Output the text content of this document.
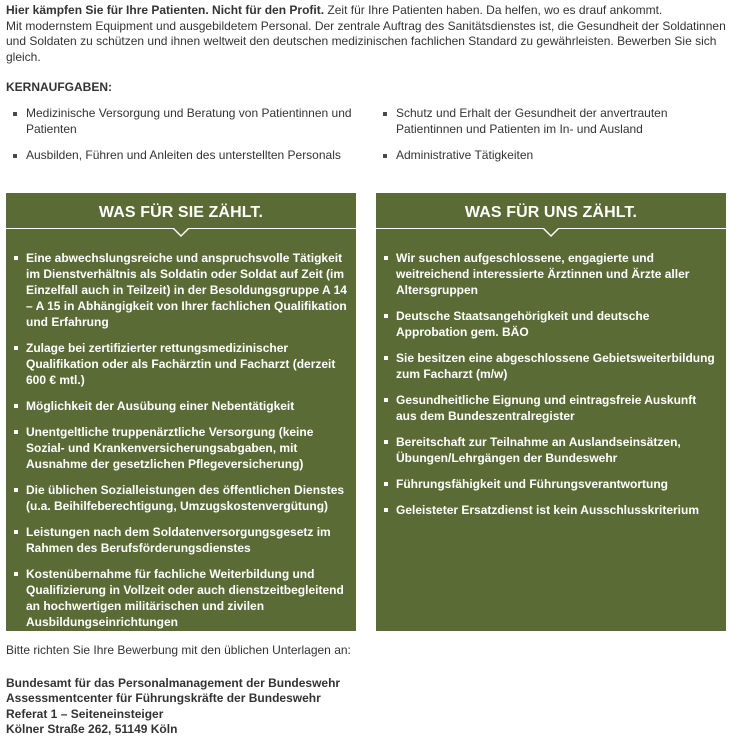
Hier kämpfen Sie für Ihre Patienten. Nicht für den Profit. Zeit für Ihre Patienten haben. Da helfen, wo es drauf ankommt.

Mit modernstem Equipment und ausgebildetem Personal. Der zentrale Auftrag des Sanitätsdienstes ist, die Gesundheit der Soldatinnen und Soldaten zu schützen und ihnen weltweit den deutschen medizinischen fachlichen Standard zu gewährleisten. Bewerben Sie sich gleich.

KERNAUFGABEN:
Medizinische Versorgung und Beratung von Patientinnen und Patienten
Ausbilden, Führen und Anleiten des unterstellten Personals
Schutz und Erhalt der Gesundheit der anvertrauten Patientinnen und Patienten im In- und Ausland
Administrative Tätigkeiten
WAS FÜR SIE ZÄHLT.
Eine abwechslungsreiche und anspruchsvolle Tätigkeit im Dienstverhältnis als Soldatin oder Soldat auf Zeit (im Einzelfall auch in Teilzeit) in der Besoldungsgruppe A 14 – A 15 in Abhängigkeit von Ihrer fachlichen Qualifikation und Erfahrung
Zulage bei zertifizierter rettungsmedizinischer Qualifikation oder als Fachärztin und Facharzt (derzeit 600 € mtl.)
Möglichkeit der Ausübung einer Nebentätigkeit
Unentgeltliche truppenärztliche Versorgung (keine Sozial- und Krankenversicherungsabgaben, mit Ausnahme der gesetzlichen Pflegeversicherung)
Die üblichen Sozialleistungen des öffentlichen Dienstes (u.a. Beihilfeberechtigung, Umzugskostenvergütung)
Leistungen nach dem Soldatenversorgungsgesetz im Rahmen des Berufsförderungsdienstes
Kostenübernahme für fachliche Weiterbildung und Qualifizierung in Vollzeit oder auch dienstzeitbegleitend an hochwertigen militärischen und zivilen Ausbildungseinrichtungen
WAS FÜR UNS ZÄHLT.
Wir suchen aufgeschlossene, engagierte und weitreichend interessierte Ärztinnen und Ärzte aller Altersgruppen
Deutsche Staatsangehörigkeit und deutsche Approbation gem. BÄO
Sie besitzen eine abgeschlossene Gebietsweiterbildung zum Facharzt (m/w)
Gesundheitliche Eignung und eintragsfreie Auskunft aus dem Bundeszentralregister
Bereitschaft zur Teilnahme an Auslandseinsätzen, Übungen/Lehrgängen der Bundeswehr
Führungsfähigkeit und Führungsverantwortung
Geleisteter Ersatzdienst ist kein Ausschlusskriterium
Bitte richten Sie Ihre Bewerbung mit den üblichen Unterlagen an:
Bundesamt für das Personalmanagement der Bundeswehr
Assessmentcenter für Führungskräfte der Bundeswehr
Referat 1 – Seiteneinsteiger
Kölner Straße 262, 51149 Köln
